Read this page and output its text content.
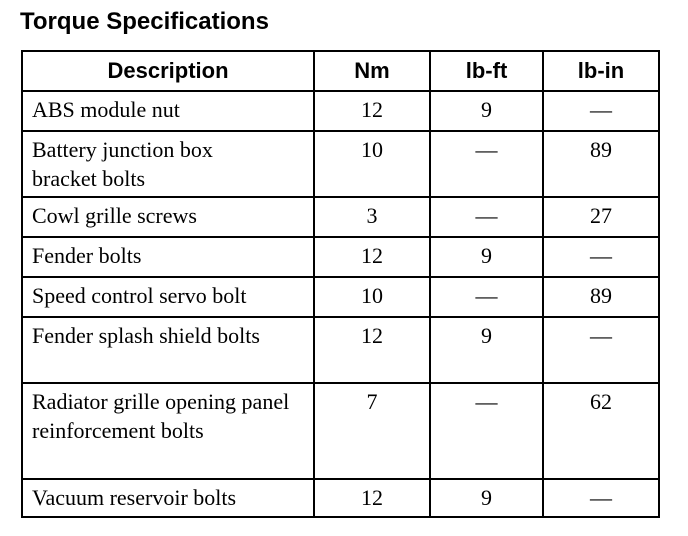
Torque Specifications
Description	Nm	lb-ft	lb-in
ABS module nut	12	9	—
Battery junction box bracket bolts	10	—	89
Cowl grille screws	3	—	27
Fender bolts	12	9	—
Speed control servo bolt	10	—	89
Fender splash shield bolts	12	9	—
Radiator grille opening panel reinforcement bolts	7	—	62
Vacuum reservoir bolts	12	9	—
